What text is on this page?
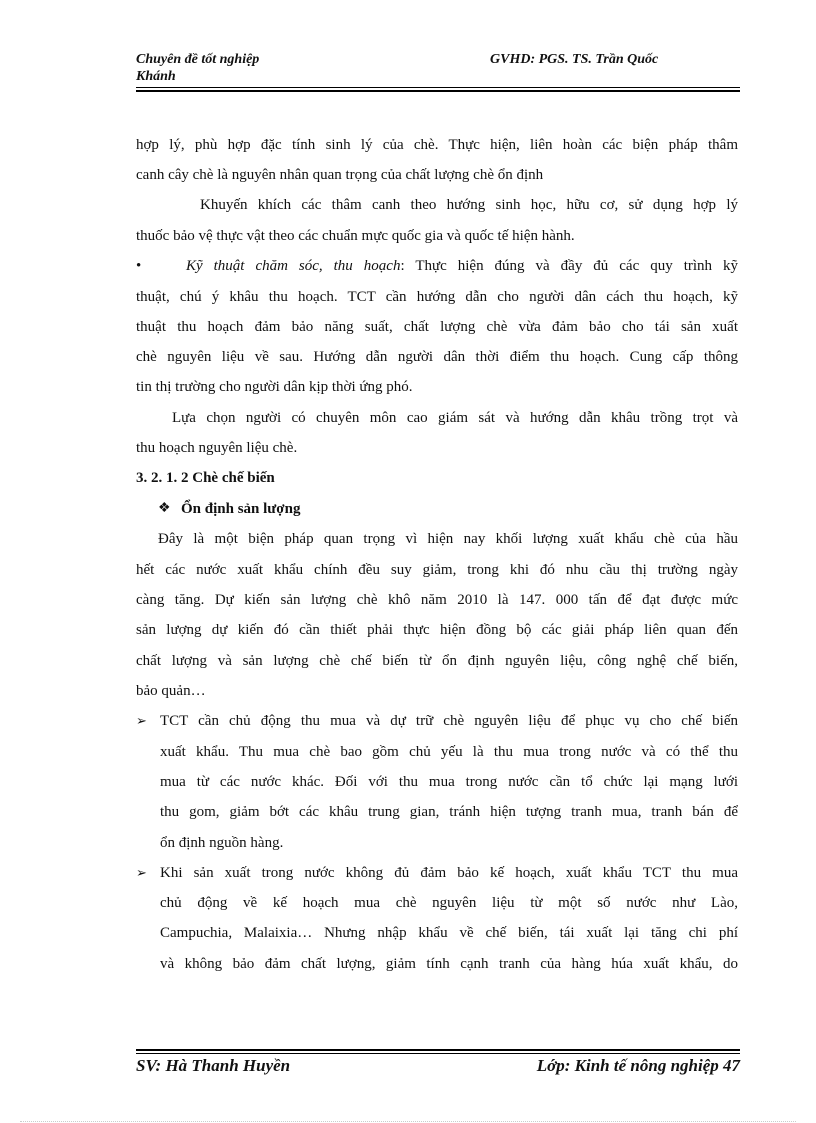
Chuyên đề tốt nghiệp
Khánh
GVHD: PGS. TS. Trần Quốc
hợp lý, phù hợp đặc tính sinh lý của chè. Thực hiện, liên hoàn các biện pháp thâm
canh cây chè là nguyên nhân quan trọng của chất lượng chè ổn định
Khuyến khích các thâm canh theo hướng sinh học, hữu cơ, sử dụng hợp lý
thuốc bảo vệ thực vật theo các chuẩn mực quốc gia và quốc tế hiện hành.
•	Kỹ thuật chăm sóc, thu hoạch: Thực hiện đúng và đầy đủ các quy trình kỹ
thuật, chú ý khâu thu hoạch. TCT cần hướng dẫn cho người dân cách thu hoạch, kỹ
thuật thu hoạch đảm bảo năng suất, chất lượng chè vừa đảm bảo cho tái sản xuất
chè nguyên liệu về sau. Hướng dẫn người dân thời điểm thu hoạch. Cung cấp thông
tin thị trường cho người dân kịp thời ứng phó.
Lựa chọn người có chuyên môn cao giám sát và hướng dẫn khâu trồng trọt và
thu hoạch nguyên liệu chè.
3. 2. 1. 2 Chè chế biến
❖ Ổn định sản lượng
Đây là một biện pháp quan trọng vì hiện nay khối lượng xuất khẩu chè của hầu
hết các nước xuất khẩu chính đều suy giảm, trong khi đó nhu cầu thị trường ngày
càng tăng. Dự kiến sản lượng chè khô năm 2010 là 147. 000 tấn để đạt được mức
sản lượng dự kiến đó cần thiết phải thực hiện đồng bộ các giải pháp liên quan đến
chất lượng và sản lượng chè chế biến từ ổn định nguyên liệu, công nghệ chế biến,
bảo quản…
➢ TCT cần chủ động thu mua và dự trữ chè nguyên liệu để phục vụ cho chế biến
xuất khẩu. Thu mua chè bao gồm chủ yếu là thu mua trong nước và có thể thu
mua từ các nước khác. Đối với thu mua trong nước cần tổ chức lại mạng lưới
thu gom, giảm bớt các khâu trung gian, tránh hiện tượng tranh mua, tranh bán để
ổn định nguồn hàng.
➢ Khi sản xuất trong nước không đủ đảm bảo kế hoạch, xuất khẩu TCT thu mua
chủ động về kế hoạch mua chè nguyên liệu từ một số nước như Lào,
Campuchia, Malaixia… Nhưng nhập khẩu về chế biến, tái xuất lại tăng chi phí
và không bảo đảm chất lượng, giảm tính cạnh tranh của hàng húa xuất khẩu, do
SV: Hà Thanh Huyền	Lớp: Kinh tế nông nghiệp 47
